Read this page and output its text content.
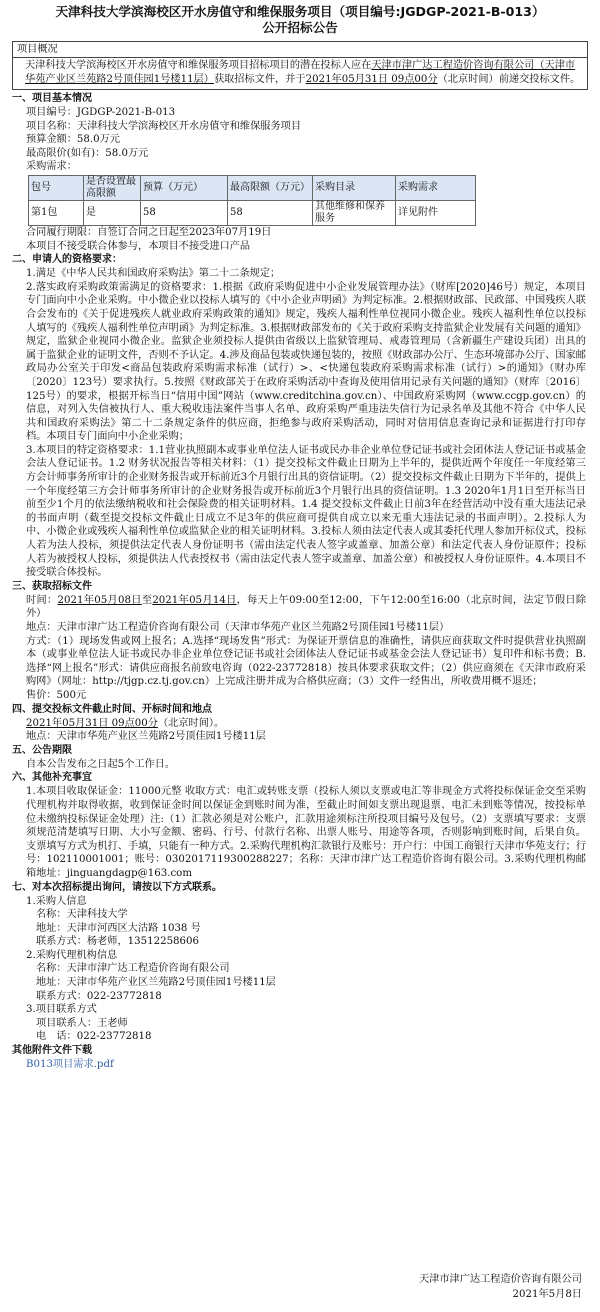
天津科技大学滨海校区开水房值守和维保服务项目（项目编号:JGDGP-2021-B-013）
公开招标公告
项目概况
天津科技大学滨海校区开水房值守和维保服务项目招标项目的潜在投标人应在天津市津广达工程造价咨询有限公司（天津市华苑产业区兰苑路2号顶佳园1号楼11层）获取招标文件，并于2021年05月31日 09点00分（北京时间）前递交投标文件。
一、项目基本情况
项目编号：JGDGP-2021-B-013
项目名称：天津科技大学滨海校区开水房值守和维保服务项目
预算金额：58.0万元
最高限价(如有)：58.0万元
采购需求：
包号	是否设置最高限额	预算（万元）	最高限额（万元）	采购目录	采购需求
第1包	是	58	58	其他维修和保养服务	详见附件
合同履行期限：自签订合同之日起至2023年07月19日
本项目不接受联合体参与，本项目不接受进口产品
二、申请人的资格要求：
1.满足《中华人民共和国政府采购法》第二十二条规定；
2.落实政府采购政策需满足的资格要求：1.根据《政府采购促进中小企业发展管理办法》（财库[2020]46号）规定，本项目专门面向中小企业采购。中小微企业以投标人填写的《中小企业声明函》为判定标准。2.根据财政部、民政部、中国残疾人联合会发布的《关于促进残疾人就业政府采购政策的通知》规定，残疾人福利性单位视同小微企业。残疾人福利性单位以投标人填写的《残疾人福利性单位声明函》为判定标准。3.根据财政部发布的《关于政府采购支持监狱企业发展有关问题的通知》规定，监狱企业视同小微企业。监狱企业须投标人提供由省级以上监狱管理局、戒毒管理局（含新疆生产建设兵团）出具的属于监狱企业的证明文件，否则不予认定。4.涉及商品包装或快递包装的，按照《财政部办公厅、生态环境部办公厅、国家邮政局办公室关于印发<商品包装政府采购需求标准（试行）>、<快递包装政府采购需求标准（试行）>的通知》（财办库〔2020〕123号）要求执行。5.按照《财政部关于在政府采购活动中查询及使用信用记录有关问题的通知》（财库〔2016〕125号）的要求，根据开标当日“信用中国”网站（www.creditchina.gov.cn）、中国政府采购网（www.ccgp.gov.cn）的信息，对列入失信被执行人、重大税收违法案件当事人名单、政府采购严重违法失信行为记录名单及其他不符合《中华人民共和国政府采购法》第二十二条规定条件的供应商，拒绝参与政府采购活动，同时对信用信息查询记录和证据进行打印存档。本项目专门面向中小企业采购；
3.本项目的特定资格要求：1.1营业执照副本或事业单位法人证书或民办非企业单位登记证书或社会团体法人登记证书或基金会法人登记证书。1.2 财务状况报告等相关材料：（1）提交投标文件截止日期为上半年的，提供近两个年度任一年度经第三方会计师事务所审计的企业财务报告或开标前近3个月银行出具的资信证明。（2）提交投标文件截止日期为下半年的，提供上一个年度经第三方会计师事务所审计的企业财务报告或开标前近3个月银行出具的资信证明。1.3 2020年1月1日至开标当日前至少1个月的依法缴纳税收和社会保险费的相关证明材料。1.4 提交投标文件截止日前3年在经营活动中没有重大违法记录的书面声明（截至提交投标文件截止日成立不足3年的供应商可提供自成立以来无重大违法记录的书面声明）。2.投标人为中、小微企业或残疾人福利性单位或监狱企业的相关证明材料。3.投标人须由法定代表人或其委托代理人参加开标仪式，投标人若为法人投标，须提供法定代表人身份证明书（需由法定代表人签字或盖章、加盖公章）和法定代表人身份证原件；投标人若为被授权人投标，须提供法人代表授权书（需由法定代表人签字或盖章、加盖公章）和被授权人身份证原件。4.本项目不接受联合体投标。
三、获取招标文件
时间：2021年05月08日至2021年05月14日，每天上午09:00至12:00，下午12:00至16:00（北京时间，法定节假日除外）
地点：天津市津广达工程造价咨询有限公司（天津市华苑产业区兰苑路2号顶佳园1号楼11层）
方式：（1）现场发售或网上报名；A.选择“现场发售”形式：为保证开票信息的准确性，请供应商获取文件时提供营业执照副本（或事业单位法人证书或民办非企业单位登记证书或社会团体法人登记证书或基金会法人登记证书）复印件和标书费；B.选择“网上报名”形式：请供应商报名前致电咨询（022-23772818）按具体要求获取文件；（2）供应商须在《天津市政府采购网》（网址：http://tjgp.cz.tj.gov.cn）上完成注册并成为合格供应商；（3）文件一经售出，所收费用概不退还；
售价：500元
四、提交投标文件截止时间、开标时间和地点
2021年05月31日 09点00分（北京时间）。
地点：天津市华苑产业区兰苑路2号顶佳园1号楼11层
五、公告期限
自本公告发布之日起5个工作日。
六、其他补充事宜
1.本项目收取保证金：11000元整 收取方式：电汇或转账支票（投标人须以支票或电汇等非现金方式将投标保证金交至采购代理机构并取得收据，收到保证金时间以保证金到账时间为准，至截止时间如支票出现退票、电汇未到账等情况，按投标单位未缴纳投标保证金处理）注:（1）汇款必须是对公账户，汇款用途须标注所投项目编号及包号。（2）支票填写要求：支票须规范清楚填写日期、大小写金额、密码、行号、付款行名称、出票人账号、用途等各项，否则影响到账时间，后果自负。支票填写方式为机打、手填，只能有一种方式。2.采购代理机构汇款银行及账号：开户行：中国工商银行天津市华苑支行；行号：102110001001；账号：0302017119300288227；名称：天津市津广达工程造价咨询有限公司。3.采购代理机构邮箱地址：jinguangdagp@163.com
七、对本次招标提出询问，请按以下方式联系。
1.采购人信息
名称：天津科技大学
地址：天津市河西区大沽路 1038 号
联系方式：杨老师，13512258606
2.采购代理机构信息
名称：天津市津广达工程造价咨询有限公司
地址：天津市华苑产业区兰苑路2号顶佳园1号楼11层
联系方式：022-23772818
3.项目联系方式
项目联系人：王老师
电　话：022-23772818
其他附件文件下载
B013项目需求.pdf
天津市津广达工程造价咨询有限公司
2021年5月8日
